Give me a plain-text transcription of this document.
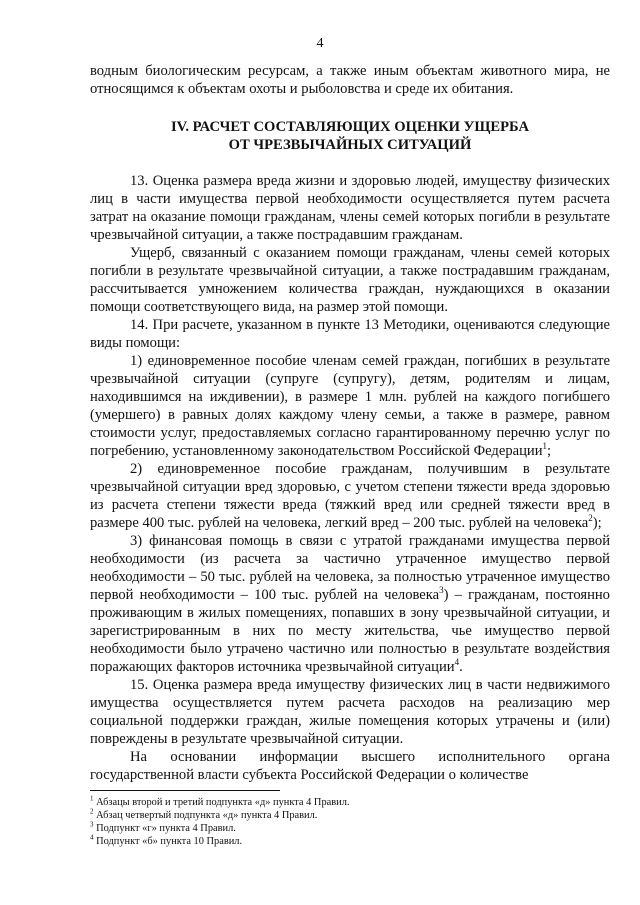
4

водным биологическим ресурсам, а также иным объектам животного мира, не относящимся к объектам охоты и рыболовства и среде их обитания.

IV. РАСЧЕТ СОСТАВЛЯЮЩИХ ОЦЕНКИ УЩЕРБА
ОТ ЧРЕЗВЫЧАЙНЫХ СИТУАЦИЙ

13. Оценка размера вреда жизни и здоровью людей, имуществу физических лиц в части имущества первой необходимости осуществляется путем расчета затрат на оказание помощи гражданам, члены семей которых погибли в результате чрезвычайной ситуации, а также пострадавшим гражданам.

Ущерб, связанный с оказанием помощи гражданам, члены семей которых погибли в результате чрезвычайной ситуации, а также пострадавшим гражданам, рассчитывается умножением количества граждан, нуждающихся в оказании помощи соответствующего вида, на размер этой помощи.

14. При расчете, указанном в пункте 13 Методики, оцениваются следующие виды помощи:

1) единовременное пособие членам семей граждан, погибших в результате чрезвычайной ситуации (супруге (супругу), детям, родителям и лицам, находившимся на иждивении), в размере 1 млн. рублей на каждого погибшего (умершего) в равных долях каждому члену семьи, а также в размере, равном стоимости услуг, предоставляемых согласно гарантированному перечню услуг по погребению, установленному законодательством Российской Федерации$^1$;

2) единовременное пособие гражданам, получившим в результате чрезвычайной ситуации вред здоровью, с учетом степени тяжести вреда здоровью из расчета степени тяжести вреда (тяжкий вред или средней тяжести вред в размере 400 тыс. рублей на человека, легкий вред – 200 тыс. рублей на человека$^2$);

3) финансовая помощь в связи с утратой гражданами имущества первой необходимости (из расчета за частично утраченное имущество первой необходимости – 50 тыс. рублей на человека, за полностью утраченное имущество первой необходимости – 100 тыс. рублей на человека$^3$) – гражданам, постоянно проживающим в жилых помещениях, попавших в зону чрезвычайной ситуации, и зарегистрированным в них по месту жительства, чье имущество первой необходимости было утрачено частично или полностью в результате воздействия поражающих факторов источника чрезвычайной ситуации$^4$.

15. Оценка размера вреда имуществу физических лиц в части недвижимого имущества осуществляется путем расчета расходов на реализацию мер социальной поддержки граждан, жилые помещения которых утрачены и (или) повреждены в результате чрезвычайной ситуации.

На основании информации высшего исполнительного органа государственной власти субъекта Российской Федерации о количестве

$^1$ Абзацы второй и третий подпункта «д» пункта 4 Правил.
$^2$ Абзац четвертый подпункта «д» пункта 4 Правил.
$^3$ Подпункт «г» пункта 4 Правил.
$^4$ Подпункт «б» пункта 10 Правил.
